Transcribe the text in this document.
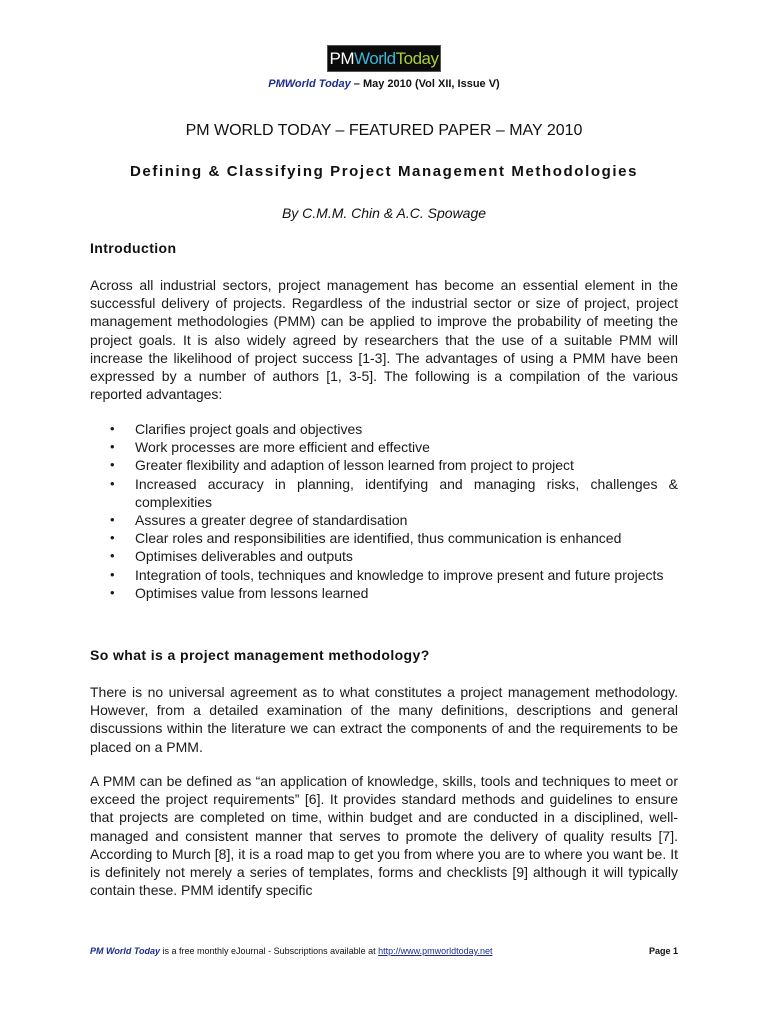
PM World Today
PMWorld Today – May 2010 (Vol XII, Issue V)
PM WORLD TODAY – FEATURED PAPER – MAY 2010
Defining & Classifying Project Management Methodologies
By C.M.M. Chin & A.C. Spowage
Introduction
Across all industrial sectors, project management has become an essential element in the successful delivery of projects. Regardless of the industrial sector or size of project, project management methodologies (PMM) can be applied to improve the probability of meeting the project goals. It is also widely agreed by researchers that the use of a suitable PMM will increase the likelihood of project success [1-3]. The advantages of using a PMM have been expressed by a number of authors [1, 3-5]. The following is a compilation of the various reported advantages:
• Clarifies project goals and objectives
• Work processes are more efficient and effective
• Greater flexibility and adaption of lesson learned from project to project
• Increased accuracy in planning, identifying and managing risks, challenges & complexities
• Assures a greater degree of standardisation
• Clear roles and responsibilities are identified, thus communication is enhanced
• Optimises deliverables and outputs
• Integration of tools, techniques and knowledge to improve present and future projects
• Optimises value from lessons learned
So what is a project management methodology?
There is no universal agreement as to what constitutes a project management methodology. However, from a detailed examination of the many definitions, descriptions and general discussions within the literature we can extract the components of and the requirements to be placed on a PMM.
A PMM can be defined as “an application of knowledge, skills, tools and techniques to meet or exceed the project requirements” [6]. It provides standard methods and guidelines to ensure that projects are completed on time, within budget and are conducted in a disciplined, well-managed and consistent manner that serves to promote the delivery of quality results [7]. According to Murch [8], it is a road map to get you from where you are to where you want be. It is definitely not merely a series of templates, forms and checklists [9] although it will typically contain these. PMM identify specific
PM World Today is a free monthly eJournal - Subscriptions available at http://www.pmworldtoday.net	Page 1
